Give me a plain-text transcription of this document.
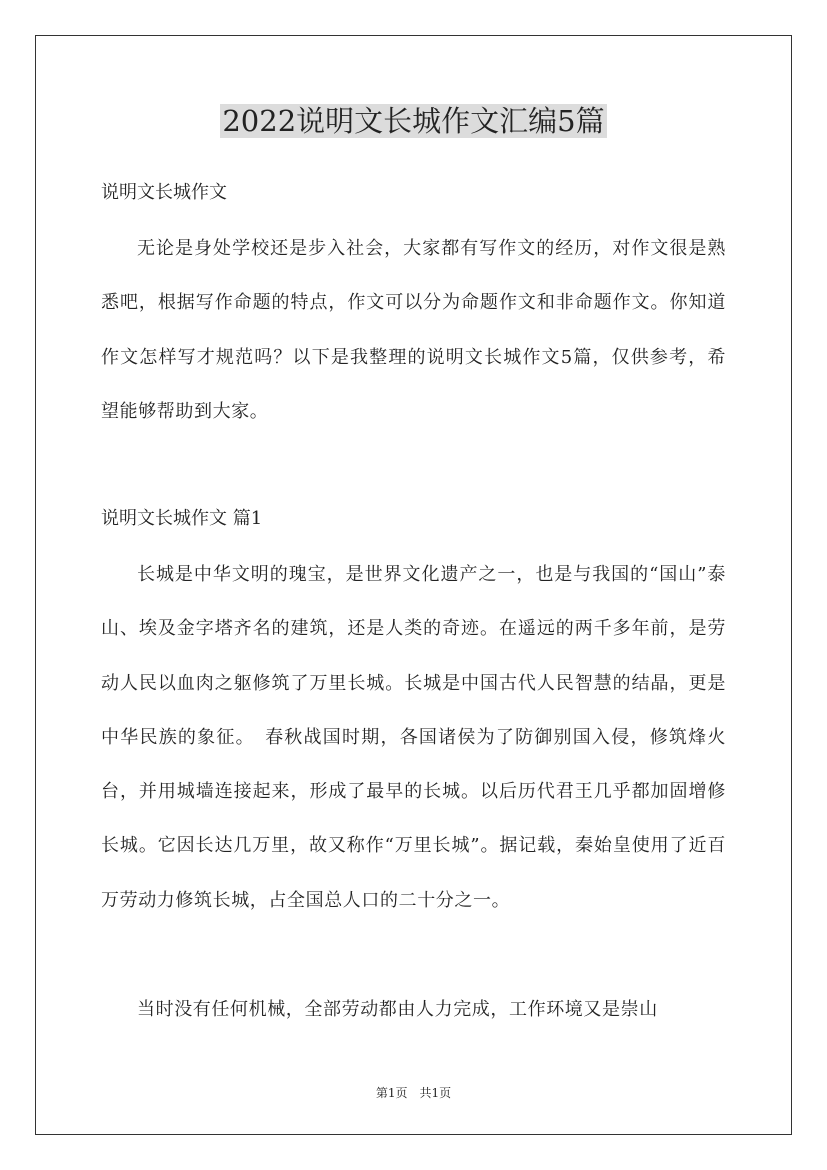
2022说明文长城作文汇编5篇

说明文长城作文

无论是身处学校还是步入社会，大家都有写作文的经历，对作文很是熟悉吧，根据写作命题的特点，作文可以分为命题作文和非命题作文。你知道作文怎样写才规范吗？以下是我整理的说明文长城作文5篇，仅供参考，希望能够帮助到大家。

说明文长城作文 篇1

长城是中华文明的瑰宝，是世界文化遗产之一，也是与我国的“国山”泰山、埃及金字塔齐名的建筑，还是人类的奇迹。在遥远的两千多年前，是劳动人民以血肉之躯修筑了万里长城。长城是中国古代人民智慧的结晶，更是中华民族的象征。　春秋战国时期，各国诸侯为了防御别国入侵，修筑烽火台，并用城墙连接起来，形成了最早的长城。以后历代君王几乎都加固增修长城。它因长达几万里，故又称作“万里长城”。据记载，秦始皇使用了近百万劳动力修筑长城，占全国总人口的二十分之一。

当时没有任何机械，全部劳动都由人力完成，工作环境又是崇山

第1页　共1页
